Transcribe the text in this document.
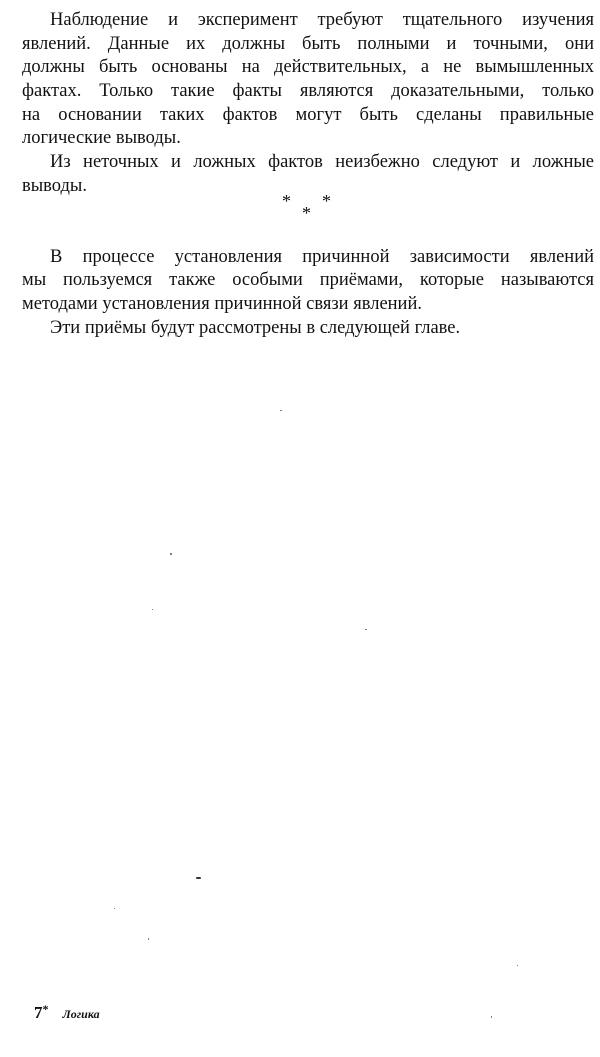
Наблюдение и эксперимент требуют тщательного изучения
явлений. Данные их должны быть полными и точными, они
должны быть основаны на действительных, а не вымышленных
фактах. Только такие факты являются доказательными, только
на основании таких фактов могут быть сделаны правильные
логические выводы.
Из неточных и ложных фактов неизбежно следуют и ложные
выводы.
В процессе установления причинной зависимости явлений
мы пользуемся также особыми приёмами, которые называются
методами установления причинной связи явлений.
Эти приёмы будут рассмотрены в следующей главе.
* *
*
7* Логика
